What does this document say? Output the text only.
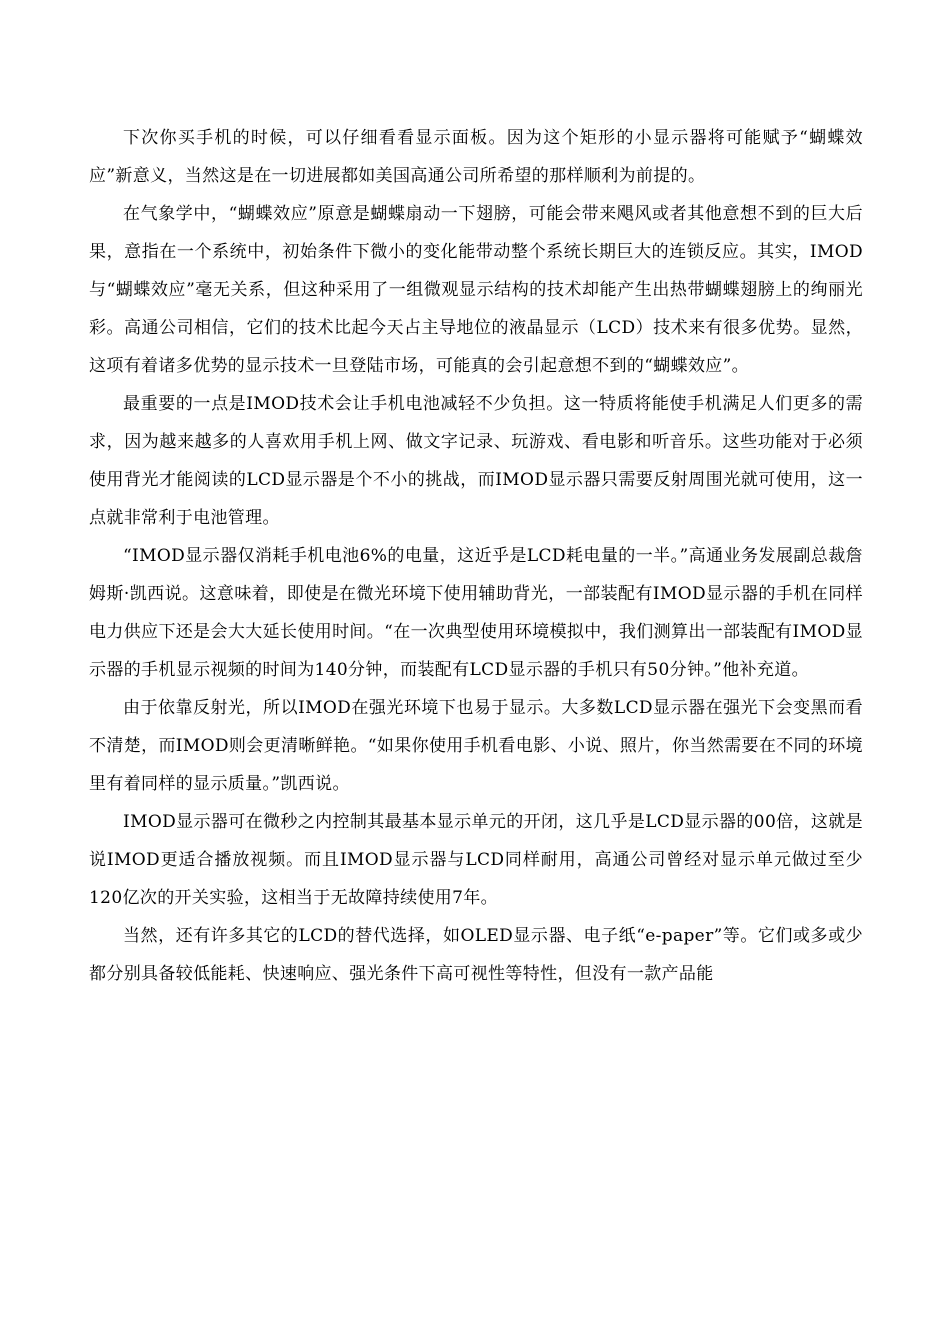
下次你买手机的时候，可以仔细看看显示面板。因为这个矩形的小显示器将可能赋予“蝴蝶效应”新意义，当然这是在一切进展都如美国高通公司所希望的那样顺利为前提的。

在气象学中，“蝴蝶效应”原意是蝴蝶扇动一下翅膀，可能会带来飓风或者其他意想不到的巨大后果，意指在一个系统中，初始条件下微小的变化能带动整个系统长期巨大的连锁反应。其实，IMOD与“蝴蝶效应”毫无关系，但这种采用了一组微观显示结构的技术却能产生出热带蝴蝶翅膀上的绚丽光彩。高通公司相信，它们的技术比起今天占主导地位的液晶显示（LCD）技术来有很多优势。显然，这项有着诸多优势的显示技术一旦登陆市场，可能真的会引起意想不到的“蝴蝶效应”。

最重要的一点是IMOD技术会让手机电池减轻不少负担。这一特质将能使手机满足人们更多的需求，因为越来越多的人喜欢用手机上网、做文字记录、玩游戏、看电影和听音乐。这些功能对于必须使用背光才能阅读的LCD显示器是个不小的挑战，而IMOD显示器只需要反射周围光就可使用，这一点就非常利于电池管理。

“IMOD显示器仅消耗手机电池6%的电量，这近乎是LCD耗电量的一半。”高通业务发展副总裁詹姆斯·凯西说。这意味着，即使是在微光环境下使用辅助背光，一部装配有IMOD显示器的手机在同样电力供应下还是会大大延长使用时间。“在一次典型使用环境模拟中，我们测算出一部装配有IMOD显示器的手机显示视频的时间为140分钟，而装配有LCD显示器的手机只有50分钟。”他补充道。

由于依靠反射光，所以IMOD在强光环境下也易于显示。大多数LCD显示器在强光下会变黑而看不清楚，而IMOD则会更清晰鲜艳。“如果你使用手机看电影、小说、照片，你当然需要在不同的环境里有着同样的显示质量。”凯西说。

IMOD显示器可在微秒之内控制其最基本显示单元的开闭，这几乎是LCD显示器的00倍，这就是说IMOD更适合播放视频。而且IMOD显示器与LCD同样耐用，高通公司曾经对显示单元做过至少120亿次的开关实验，这相当于无故障持续使用7年。

当然，还有许多其它的LCD的替代选择，如OLED显示器、电子纸“e-paper”等。它们或多或少都分别具备较低能耗、快速响应、强光条件下高可视性等特性，但没有一款产品能
